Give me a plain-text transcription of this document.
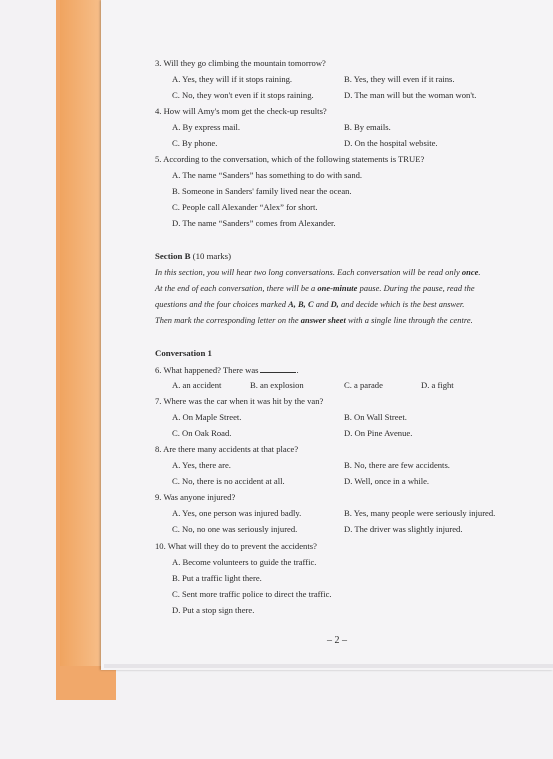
3. Will they go climbing the mountain tomorrow?
A. Yes, they will if it stops raining.	B. Yes, they will even if it rains.
C. No, they won't even if it stops raining.	D. The man will but the woman won't.
4. How will Amy's mom get the check-up results?
A. By express mail.	B. By emails.
C. By phone.	D. On the hospital website.
5. According to the conversation, which of the following statements is TRUE?
A. The name “Sanders” has something to do with sand.
B. Someone in Sanders' family lived near the ocean.
C. People call Alexander “Alex” for short.
D. The name “Sanders” comes from Alexander.
Section B (10 marks)
In this section, you will hear two long conversations. Each conversation will be read only once.
At the end of each conversation, there will be a one-minute pause. During the pause, read the
questions and the four choices marked A, B, C and D, and decide which is the best answer.
Then mark the corresponding letter on the answer sheet with a single line through the centre.
Conversation 1
6. What happened? There was	.
A. an accident	B. an explosion	C. a parade	D. a fight
7. Where was the car when it was hit by the van?
A. On Maple Street.	B. On Wall Street.
C. On Oak Road.	D. On Pine Avenue.
8. Are there many accidents at that place?
A. Yes, there are.	B. No, there are few accidents.
C. No, there is no accident at all.	D. Well, once in a while.
9. Was anyone injured?
A. Yes, one person was injured badly.	B. Yes, many people were seriously injured.
C. No, no one was seriously injured.	D. The driver was slightly injured.
10. What will they do to prevent the accidents?
A. Become volunteers to guide the traffic.
B. Put a traffic light there.
C. Sent more traffic police to direct the traffic.
D. Put a stop sign there.
– 2 –
